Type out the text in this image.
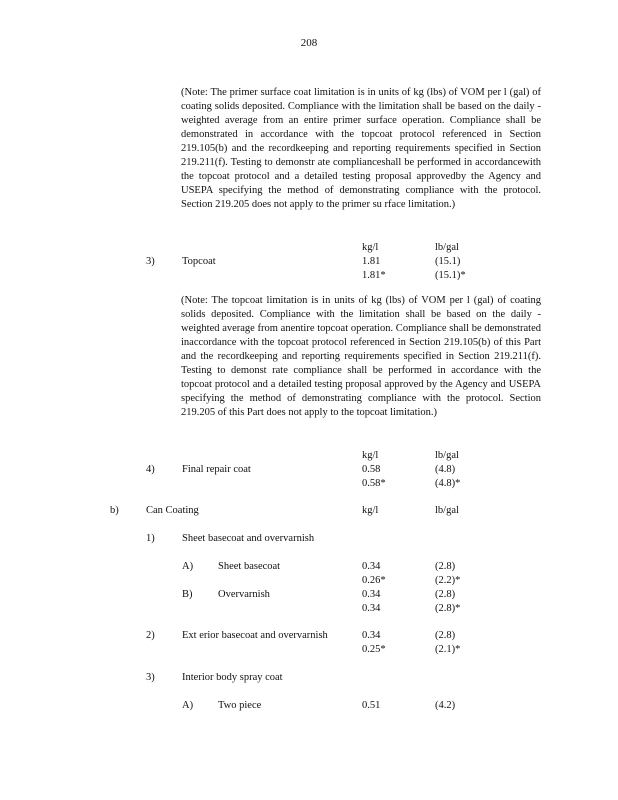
208

(Note: The primer surface coat limitation is in units of kg (lbs) of VOM per l (gal) of coating solids deposited. Compliance with the limitation shall be based on the daily -weighted average from an entire primer surface operation. Compliance shall be demonstrated in accordance with the topcoat protocol referenced in Section 219.105(b) and the recordkeeping and reporting requirements specified in Section 219.211(f). Testing to demonstr ate complianceshall be performed in accordancewith the topcoat protocol and a detailed testing proposal approvedby the Agency and USEPA specifying the method of demonstrating compliance with the protocol. Section 219.205 does not apply to the primer su rface limitation.)

kg/l	lb/gal
3)	Topcoat	1.81	(15.1)
1.81*	(15.1)*

(Note: The topcoat limitation is in units of kg (lbs) of VOM per l (gal) of coating solids deposited. Compliance with the limitation shall be based on the daily -weighted average from anentire topcoat operation. Compliance shall be demonstrated inaccordance with the topcoat protocol referenced in Section 219.105(b) of this Part and the recordkeeping and reporting requirements specified in Section 219.211(f). Testing to demonst rate compliance shall be performed in accordance with the topcoat protocol and a detailed testing proposal approved by the Agency and USEPA specifying the method of demonstrating compliance with the protocol. Section 219.205 of this Part does not apply to the topcoat limitation.)

kg/l	lb/gal
4)	Final repair coat	0.58	(4.8)
0.58*	(4.8)*
b)	Can Coating	kg/l	lb/gal
1)	Sheet basecoat and overvarnish
A) Sheet basecoat	0.34	(2.8)
0.26*	(2.2)*
B) Overvarnish	0.34	(2.8)
0.34	(2.8)*
2)	Ext erior basecoat and overvarnish	0.34	(2.8)
0.25*	(2.1)*
3)	Interior body spray coat
A) Two piece	0.51	(4.2)
